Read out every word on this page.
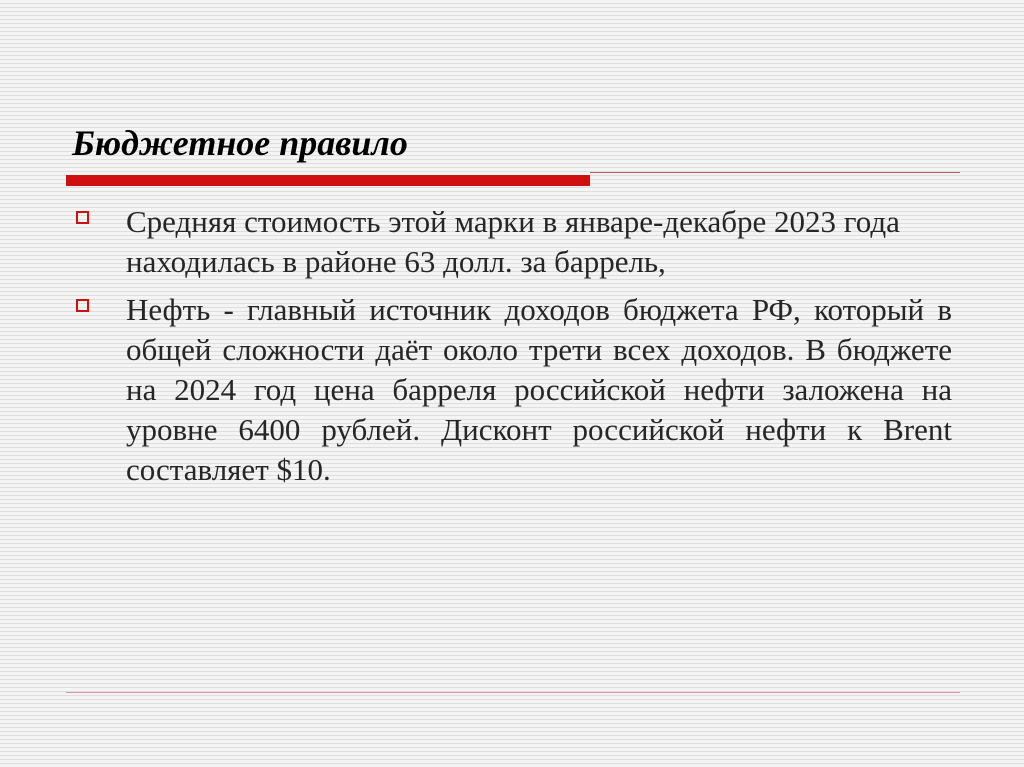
Бюджетное правило
Средняя стоимость этой марки в январе-декабре 2023 года находилась в районе 63 долл. за баррель,
Нефть - главный источник доходов бюджета РФ, который в общей сложности даёт около трети всех доходов. В бюджете на 2024 год цена барреля российской нефти заложена на уровне 6400 рублей. Дисконт российской нефти к Brent составляет $10.
